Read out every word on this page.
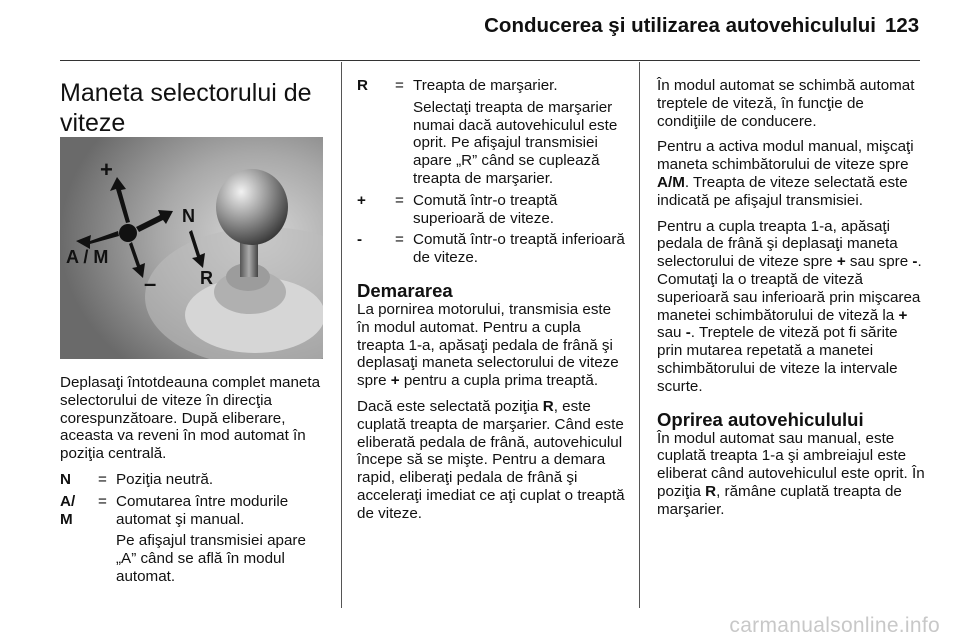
Conducerea şi utilizarea autovehiculului 123
Maneta selectorului de viteze
+
A / M
N
– R

Deplasaţi întotdeauna complet maneta selectorului de viteze în direcţia corespunzătoare. După eliberare, aceasta va reveni în mod automat în poziţia centrală.

N	= Poziţia neutră.
A/M
= Comutarea între modurile automat şi manual.

Pe afişajul transmisiei apare „A” când se află în modul automat.

R	= Treapta de marşarier.

Selectaţi treapta de marşarier numai dacă autovehiculul este oprit. Pe afişajul transmisiei apare „R” când se cuplează treapta de marşarier.

+	= Comută într-o treaptă superioară de viteze.
-	= Comută într-o treaptă inferioară de viteze.
Demararea

La pornirea motorului, transmisia este în modul automat. Pentru a cupla treapta 1-a, apăsaţi pedala de frână şi deplasaţi maneta selectorului de viteze spre + pentru a cupla prima treaptă.

Dacă este selectată poziţia R, este cuplată treapta de marşarier. Când este eliberată pedala de frână, autovehiculul începe să se mişte. Pentru a demara rapid, eliberaţi pedala de frână şi acceleraţi imediat ce aţi cuplat o treaptă de viteze.

În modul automat se schimbă automat treptele de viteză, în funcţie de condiţiile de conducere.

Pentru a activa modul manual, mişcaţi maneta schimbătorului de viteze spre A/M. Treapta de viteze selectată este indicată pe afişajul transmisiei.

Pentru a cupla treapta 1-a, apăsaţi pedala de frână şi deplasaţi maneta selectorului de viteze spre + sau spre -. Comutaţi la o treaptă de viteză superioară sau inferioară prin mişcarea manetei schimbătorului de viteză la + sau -. Treptele de viteză pot fi sărite prin mutarea repetată a manetei schimbătorului de viteze la intervale scurte.

Oprirea autovehiculului

În modul automat sau manual, este cuplată treapta 1-a şi ambreiajul este eliberat când autovehiculul este oprit. În poziţia R, rămâne cuplată treapta de marşarier.

carmanualsonline.info
